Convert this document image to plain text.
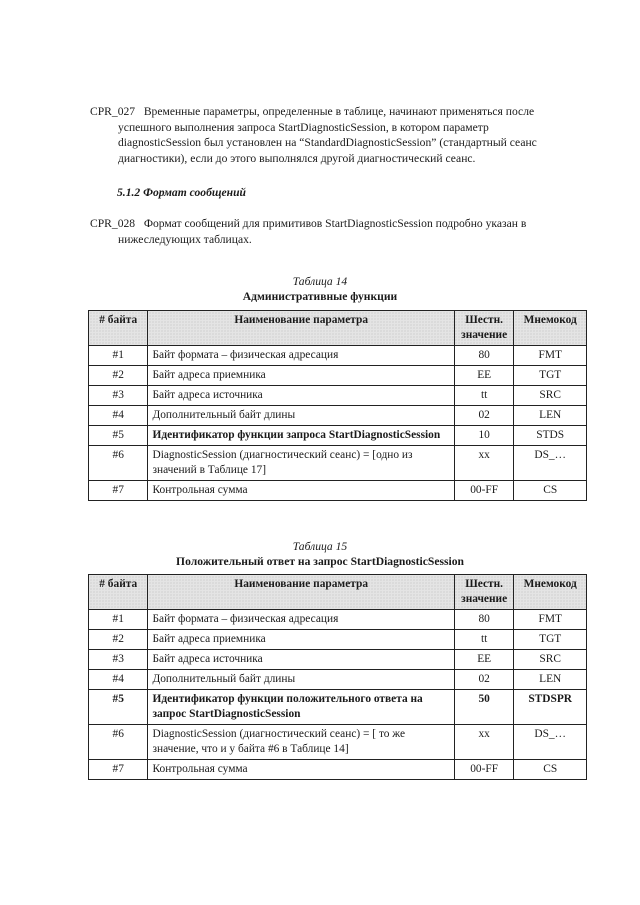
CPR_027 Временные параметры, определенные в таблице, начинают применяться после
успешного выполнения запроса StartDiagnosticSession, в котором параметр
diagnosticSession был установлен на “StandardDiagnosticSession” (стандартный сеанс
диагностики), если до этого выполнялся другой диагностический сеанс.
5.1.2 Формат сообщений
CPR_028 Формат сообщений для примитивов StartDiagnosticSession подробно указан в
нижеследующих таблицах.
Таблица 14
Административные функции
# байта	Наименование параметра	Шестн. значение	Мнемокод
#1	Байт формата – физическая адресация	80	FMT
#2	Байт адреса приемника	EE	TGT
#3	Байт адреса источника	tt	SRC
#4	Дополнительный байт длины	02	LEN
#5	Идентификатор функции запроса StartDiagnosticSession	10	STDS
#6	DiagnosticSession (диагностический сеанс) = [одно из значений в Таблице 17]	xx	DS_…
#7	Контрольная сумма	00-FF	CS
Таблица 15
Положительный ответ на запрос StartDiagnosticSession
# байта	Наименование параметра	Шестн. значение	Мнемокод
#1	Байт формата – физическая адресация	80	FMT
#2	Байт адреса приемника	tt	TGT
#3	Байт адреса источника	EE	SRC
#4	Дополнительный байт длины	02	LEN
#5	Идентификатор функции положительного ответа на запрос StartDiagnosticSession	50	STDSPR
#6	DiagnosticSession (диагностический сеанс) = [ то же значение, что и у байта #6 в Таблице 14]	xx	DS_…
#7	Контрольная сумма	00-FF	CS
